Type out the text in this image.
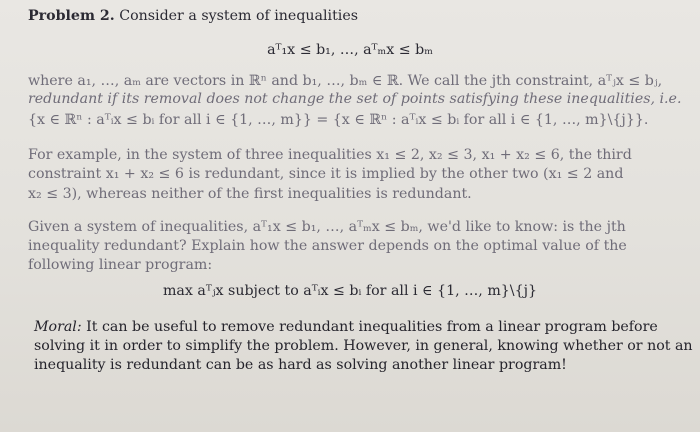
Problem 2. Consider a system of inequalities
aᵀ₁x ≤ b₁, …, aᵀₘx ≤ bₘ
where a₁, …, aₘ are vectors in ℝⁿ and b₁, …, bₘ ∈ ℝ. We call the jth constraint, aᵀⱼx ≤ bⱼ,
redundant if its removal does not change the set of points satisfying these inequalities, i.e.
{x ∈ ℝⁿ : aᵀᵢx ≤ bᵢ for all i ∈ {1, …, m}} = {x ∈ ℝⁿ : aᵀᵢx ≤ bᵢ for all i ∈ {1, …, m}\{j}}.
For example, in the system of three inequalities x₁ ≤ 2, x₂ ≤ 3, x₁ + x₂ ≤ 6, the third
constraint x₁ + x₂ ≤ 6 is redundant, since it is implied by the other two (x₁ ≤ 2 and
x₂ ≤ 3), whereas neither of the first inequalities is redundant.
Given a system of inequalities, aᵀ₁x ≤ b₁, …, aᵀₘx ≤ bₘ, we'd like to know: is the jth
inequality redundant? Explain how the answer depends on the optimal value of the
following linear program:
max aᵀⱼx subject to aᵀᵢx ≤ bᵢ for all i ∈ {1, …, m}\{j}
Moral: It can be useful to remove redundant inequalities from a linear program before
solving it in order to simplify the problem. However, in general, knowing whether or not an
inequality is redundant can be as hard as solving another linear program!
